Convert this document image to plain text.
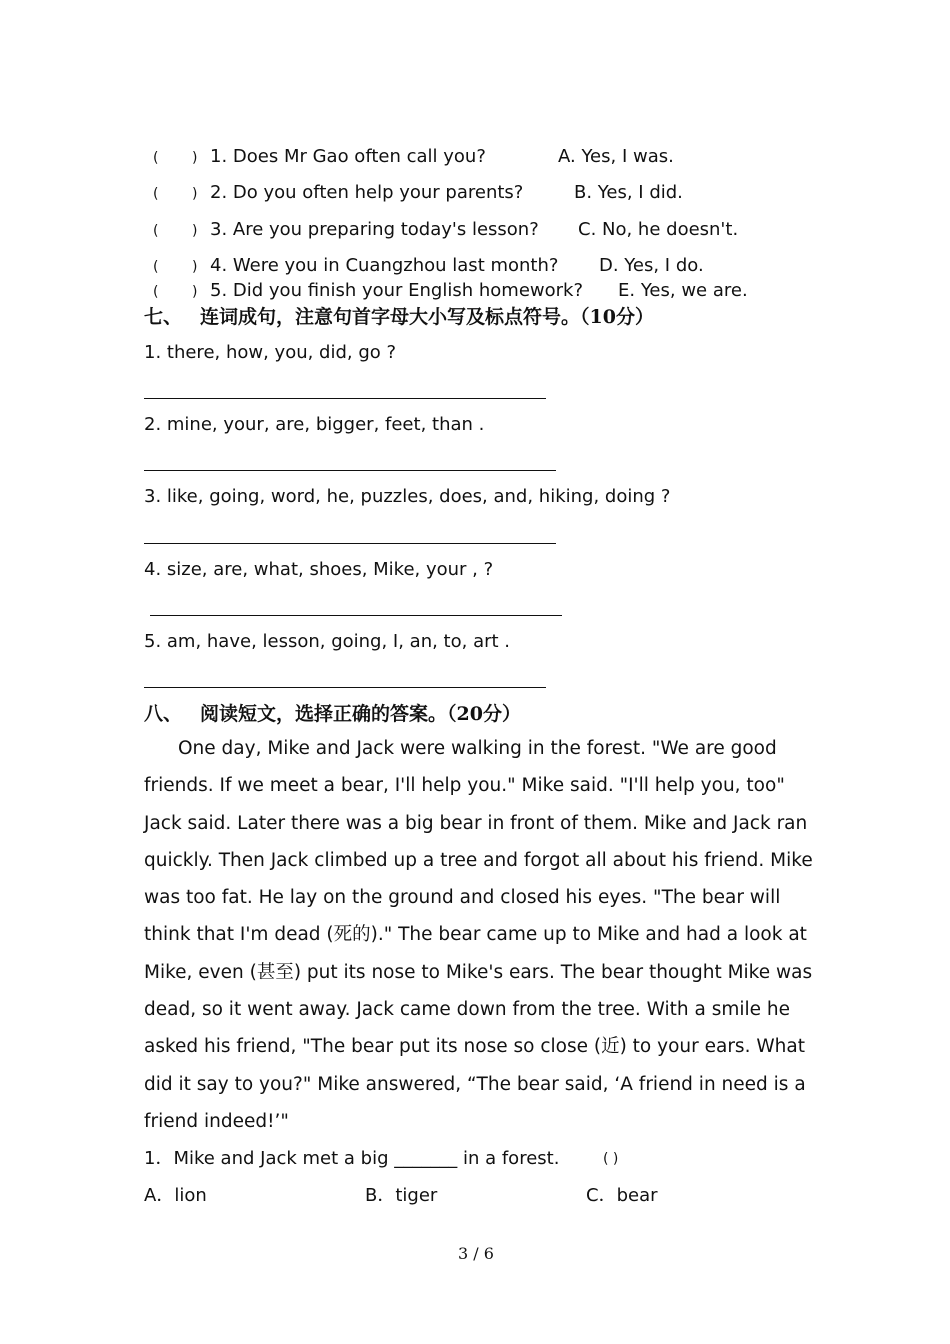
( ) 1. Does Mr Gao often call you?	A. Yes, I was.
( ) 2. Do you often help your parents?	B. Yes, I did.
( ) 3. Are you preparing today's lesson? C. No, he doesn't.
( ) 4. Were you in Cuangzhou last month? D. Yes, I do.
( ) 5. Did you finish your English homework? E. Yes, we are.
七、 连词成句，注意句首字母大小写及标点符号。（10分）
1. there, how, you, did, go ?
2. mine, your, are, bigger, feet, than .
3. like, going, word, he, puzzles, does, and, hiking, doing ?
4. size, are, what, shoes, Mike, your , ?
5. am, have, lesson, going, I, an, to, art .
八、 阅读短文，选择正确的答案。（20分）
One day, Mike and Jack were walking in the forest. "We are good friends. If we meet a bear, I'll help you." Mike said. "I'll help you, too" Jack said. Later there was a big bear in front of them. Mike and Jack ran quickly. Then Jack climbed up a tree and forgot all about his friend. Mike was too fat. He lay on the ground and closed his eyes. "The bear will think that I'm dead (死的)." The bear came up to Mike and had a look at Mike, even (甚至) put its nose to Mike's ears. The bear thought Mike was dead, so it went away. Jack came down from the tree. With a smile he asked his friend, "The bear put its nose so close (近) to your ears. What did it say to you?" Mike answered, “The bear said, ‘A friend in need is a friend indeed!’"
1．Mike and Jack met a big _______ in a forest.	( )
A．lion	B．tiger	C．bear
3 / 6
